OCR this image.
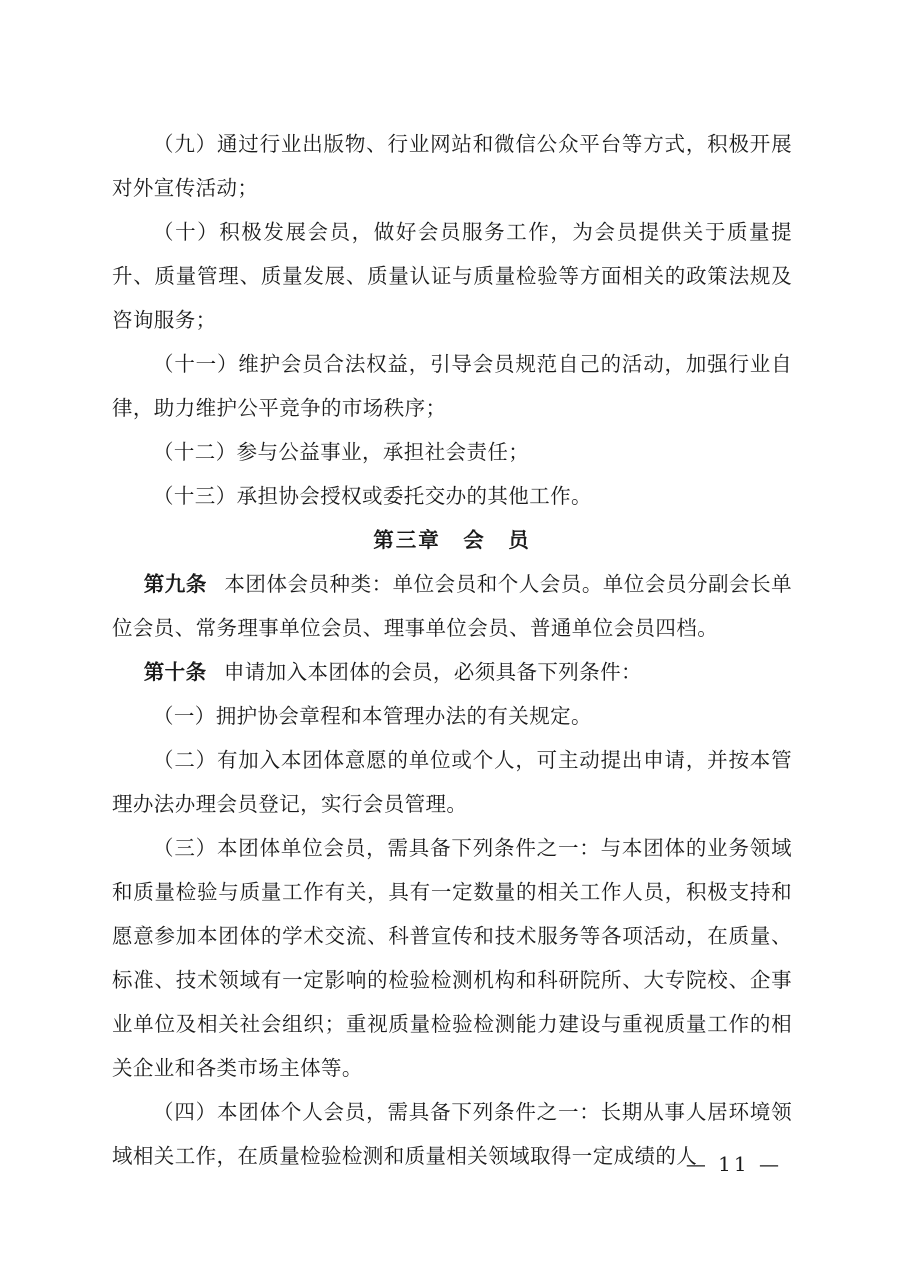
（九）通过行业出版物、行业网站和微信公众平台等方式，积极开展对外宣传活动；

（十）积极发展会员，做好会员服务工作，为会员提供关于质量提升、质量管理、质量发展、质量认证与质量检验等方面相关的政策法规及咨询服务；

（十一）维护会员合法权益，引导会员规范自己的活动，加强行业自律，助力维护公平竞争的市场秩序；

（十二）参与公益事业，承担社会责任；

（十三）承担协会授权或委托交办的其他工作。

第三章　会　员

第九条 本团体会员种类：单位会员和个人会员。单位会员分副会长单位会员、常务理事单位会员、理事单位会员、普通单位会员四档。

第十条 申请加入本团体的会员，必须具备下列条件：

（一）拥护协会章程和本管理办法的有关规定。

（二）有加入本团体意愿的单位或个人，可主动提出申请，并按本管理办法办理会员登记，实行会员管理。

（三）本团体单位会员，需具备下列条件之一：与本团体的业务领域和质量检验与质量工作有关，具有一定数量的相关工作人员，积极支持和愿意参加本团体的学术交流、科普宣传和技术服务等各项活动，在质量、标准、技术领域有一定影响的检验检测机构和科研院所、大专院校、企事业单位及相关社会组织；重视质量检验检测能力建设与重视质量工作的相关企业和各类市场主体等。

（四）本团体个人会员，需具备下列条件之一：长期从事人居环境领域相关工作，在质量检验检测和质量相关领域取得一定成绩的人

— 11 —
